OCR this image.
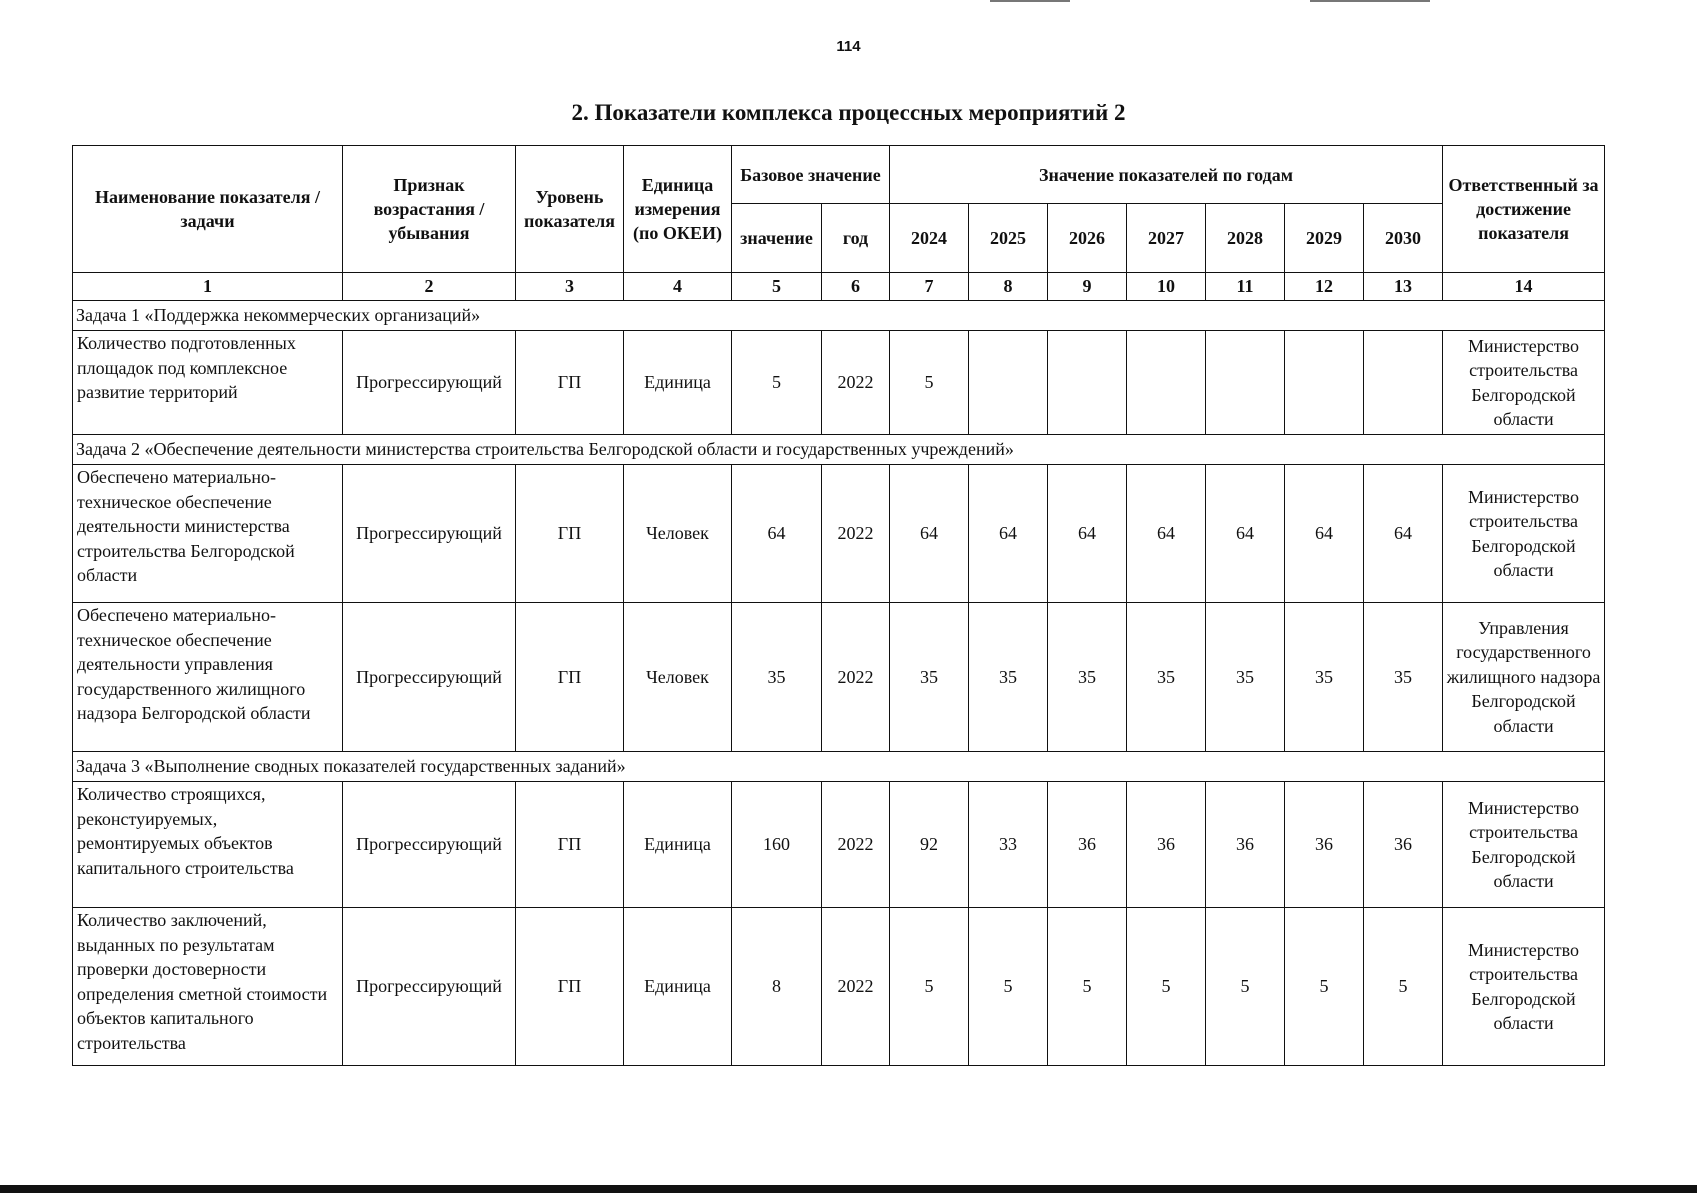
114
2. Показатели комплекса процессных мероприятий 2
Наименование показателя / задачи	Признак возрастания / убывания	Уровень показателя	Единица измерения (по ОКЕИ)	Базовое значение		Значение показателей по годам							Ответственный за достижение показателя
				значение	год	2024	2025	2026	2027	2028	2029	2030	
1	2	3	4	5	6	7	8	9	10	11	12	13	14
Задача 1 «Поддержка некоммерческих организаций»													
Количество подготовленных площадок под комплексное развитие территорий	Прогрессирующий	ГП	Единица	5	2022	5							Министерство строительства Белгородской области
Задача 2 «Обеспечение деятельности министерства строительства Белгородской области и государственных учреждений»													
Обеспечено материально-техническое обеспечение деятельности министерства строительства Белгородской области	Прогрессирующий	ГП	Человек	64	2022	64	64	64	64	64	64	64	Министерство строительства Белгородской области
Обеспечено материально-техническое обеспечение деятельности управления государственного жилищного надзора Белгородской области	Прогрессирующий	ГП	Человек	35	2022	35	35	35	35	35	35	35	Управления государственного жилищного надзора Белгородской области
Задача 3 «Выполнение сводных показателей государственных заданий»													
Количество строящихся, реконстуируемых, ремонтируемых объектов капитального строительства	Прогрессирующий	ГП	Единица	160	2022	92	33	36	36	36	36	36	Министерство строительства Белгородской области
Количество заключений, выданных по результатам проверки достоверности определения сметной стоимости объектов капитального строительства	Прогрессирующий	ГП	Единица	8	2022	5	5	5	5	5	5	5	Министерство строительства Белгородской области
